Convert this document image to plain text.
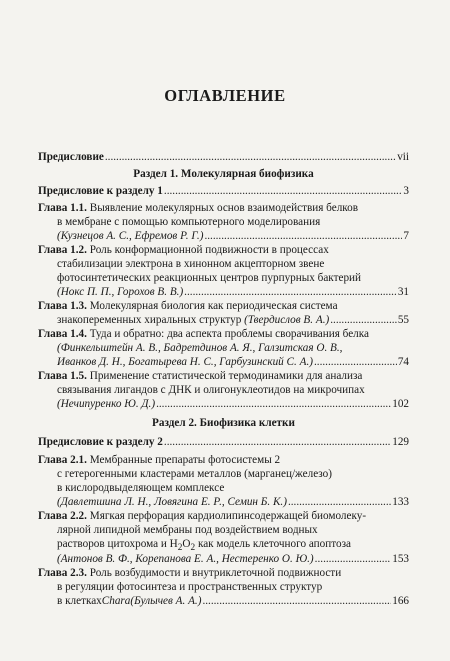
ОГЛАВЛЕНИЕ
Предисловие .....	vii
Раздел 1. Молекулярная биофизика
Предисловие к разделу 1 .....	3
Глава 1.1. Выявление молекулярных основ взаимодействия белков
в мембране с помощью компьютерного моделирования
(Кузнецов А. С., Ефремов Р. Г.) .....	7
Глава 1.2. Роль конформационной подвижности в процессах
стабилизации электрона в хинонном акцепторном звене
фотосинтетических реакционных центров пурпурных бактерий
(Нокс П. П., Горохов В. В.) .....	31
Глава 1.3. Молекулярная биология как периодическая система
знакопеременных хиральных структур
(Твердислов В. А.) .....	55
Глава 1.4. Туда и обратно: два аспекта проблемы сворачивания белка
(Финкельштейн А. В., Бадретдинов А. Я., Галзитская О. В.,
Иванков Д. Н., Богатырева Н. С., Гарбузинский С. А.) .....	74
Глава 1.5. Применение статистической термодинамики для анализа
связывания лигандов с ДНК и олигонуклеотидов на микрочипах
(Нечипуренко Ю. Д.) .....	102
Раздел 2. Биофизика клетки
Предисловие к разделу 2 .....	129
Глава 2.1. Мембранные препараты фотосистемы 2
с гетерогенными кластерами металлов (марганец/железо)
в кислородвыделяющем комплексе
(Давлетшина Л. Н., Ловягина Е. Р., Семин Б. К.) .....	133
Глава 2.2. Мягкая перфорация кардиолипинсодержащей биомолеку-
лярной липидной мембраны под воздействием водных
растворов цитохрома и $H_2O_2$ как модель клеточного апоптоза
(Антонов В. Ф., Корепанова Е. А., Нестеренко О. Ю.) .....	153
Глава 2.3. Роль возбудимости и внутриклеточной подвижности
в регуляции фотосинтеза и пространственных структур
в клетках Chara (Булычев А. А.) .....	166
